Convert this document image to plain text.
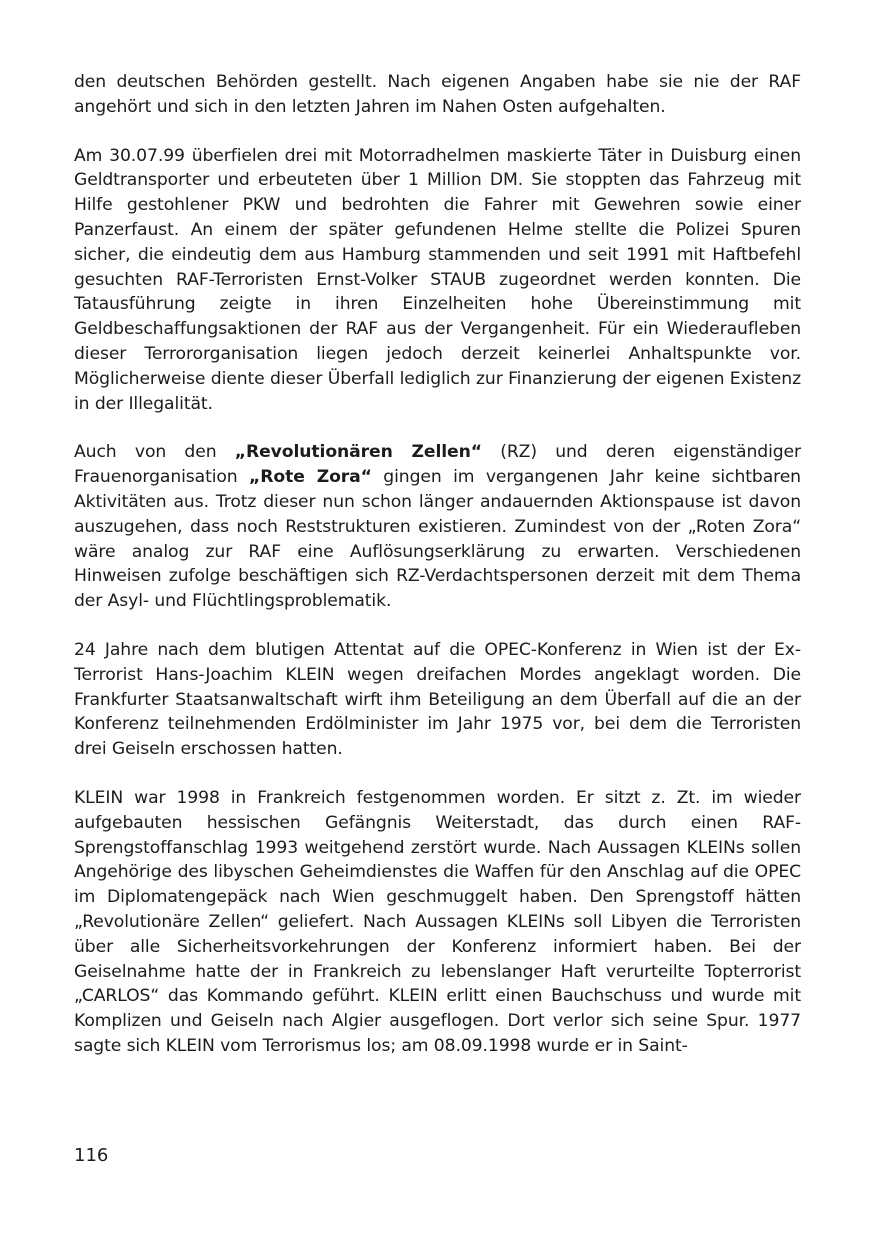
den deutschen Behörden gestellt. Nach eigenen Angaben habe sie nie der RAF angehört und sich in den letzten Jahren im Nahen Osten aufgehalten.

Am 30.07.99 überfielen drei mit Motorradhelmen maskierte Täter in Duisburg einen Geldtransporter und erbeuteten über 1 Million DM. Sie stoppten das Fahrzeug mit Hilfe gestohlener PKW und bedrohten die Fahrer mit Gewehren sowie einer Panzerfaust. An einem der später gefundenen Helme stellte die Polizei Spuren sicher, die eindeutig dem aus Hamburg stammenden und seit 1991 mit Haftbefehl gesuchten RAF-Terroristen Ernst-Volker STAUB zugeordnet werden konnten. Die Tatausführung zeigte in ihren Einzelheiten hohe Übereinstimmung mit Geldbeschaffungsaktionen der RAF aus der Vergangenheit. Für ein Wiederaufleben dieser Terrororganisation liegen jedoch derzeit keinerlei Anhaltspunkte vor. Möglicherweise diente dieser Überfall lediglich zur Finanzierung der eigenen Existenz in der Illegalität.

Auch von den „Revolutionären Zellen“ (RZ) und deren eigenständiger Frauenorganisation „Rote Zora“ gingen im vergangenen Jahr keine sichtbaren Aktivitäten aus. Trotz dieser nun schon länger andauernden Aktionspause ist davon auszugehen, dass noch Reststrukturen existieren. Zumindest von der „Roten Zora“ wäre analog zur RAF eine Auflösungserklärung zu erwarten. Verschiedenen Hinweisen zufolge beschäftigen sich RZ-Verdachtspersonen derzeit mit dem Thema der Asyl- und Flüchtlingsproblematik.

24 Jahre nach dem blutigen Attentat auf die OPEC-Konferenz in Wien ist der Ex-Terrorist Hans-Joachim KLEIN wegen dreifachen Mordes angeklagt worden. Die Frankfurter Staatsanwaltschaft wirft ihm Beteiligung an dem Überfall auf die an der Konferenz teilnehmenden Erdölminister im Jahr 1975 vor, bei dem die Terroristen drei Geiseln erschossen hatten.

KLEIN war 1998 in Frankreich festgenommen worden. Er sitzt z. Zt. im wieder aufgebauten hessischen Gefängnis Weiterstadt, das durch einen RAF-Sprengstoffanschlag 1993 weitgehend zerstört wurde. Nach Aussagen KLEINs sollen Angehörige des libyschen Geheimdienstes die Waffen für den Anschlag auf die OPEC im Diplomatengepäck nach Wien geschmuggelt haben. Den Sprengstoff hätten „Revolutionäre Zellen“ geliefert. Nach Aussagen KLEINs soll Libyen die Terroristen über alle Sicherheitsvorkehrungen der Konferenz informiert haben. Bei der Geiselnahme hatte der in Frankreich zu lebenslanger Haft verurteilte Topterrorist „CARLOS“ das Kommando geführt. KLEIN erlitt einen Bauchschuss und wurde mit Komplizen und Geiseln nach Algier ausgeflogen. Dort verlor sich seine Spur. 1977 sagte sich KLEIN vom Terrorismus los; am 08.09.1998 wurde er in Saint-

116
